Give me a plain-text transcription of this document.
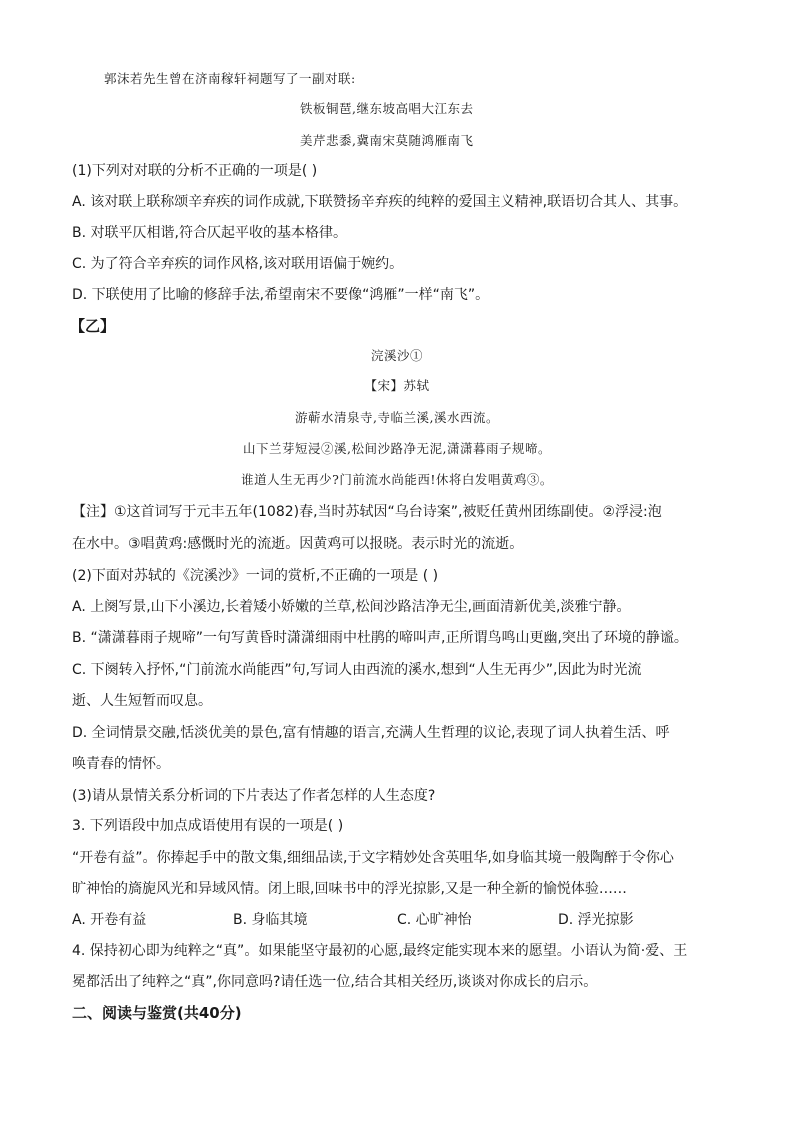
郭沫若先生曾在济南稼轩祠题写了一副对联:
铁板铜琶,继东坡高唱大江东去
美芹悲黍,冀南宋莫随鸿雁南飞
(1)下列对对联的分析不正确的一项是( )
A. 该对联上联称颂辛弃疾的词作成就,下联赞扬辛弃疾的纯粹的爱国主义精神,联语切合其人、其事。
B. 对联平仄相谐,符合仄起平收的基本格律。
C. 为了符合辛弃疾的词作风格,该对联用语偏于婉约。
D. 下联使用了比喻的修辞手法,希望南宋不要像“鸿雁”一样“南飞”。
【乙】
浣溪沙①
【宋】苏轼
游蕲水清泉寺,寺临兰溪,溪水西流。
山下兰芽短浸②溪,松间沙路净无泥,潇潇暮雨子规啼。
谁道人生无再少?门前流水尚能西!休将白发唱黄鸡③。
【注】①这首词写于元丰五年(1082)春,当时苏轼因“乌台诗案”,被贬任黄州团练副使。②浮浸:泡
在水中。③唱黄鸡:感慨时光的流逝。因黄鸡可以报晓。表示时光的流逝。
(2)下面对苏轼的《浣溪沙》一词的赏析,不正确的一项是 ( )
A. 上阕写景,山下小溪边,长着矮小娇嫩的兰草,松间沙路洁净无尘,画面清新优美,淡雅宁静。
B. “潇潇暮雨子规啼”一句写黄昏时潇潇细雨中杜鹃的啼叫声,正所谓鸟鸣山更幽,突出了环境的静谧。
C. 下阕转入抒怀,“门前流水尚能西”句,写词人由西流的溪水,想到“人生无再少”,因此为时光流
逝、人生短暂而叹息。
D. 全词情景交融,恬淡优美的景色,富有情趣的语言,充满人生哲理的议论,表现了词人执着生活、呼
唤青春的情怀。
(3)请从景情关系分析词的下片表达了作者怎样的人生态度?
3. 下列语段中加点成语使用有误的一项是( )
“开卷有益”。你捧起手中的散文集,细细品读,于文字精妙处含英咀华,如身临其境一般陶醉于令你心
旷神怡的旖旎风光和异域风情。闭上眼,回味书中的浮光掠影,又是一种全新的愉悦体验……
A. 开卷有益	B. 身临其境	C. 心旷神怡	D. 浮光掠影
4. 保持初心即为纯粹之“真”。如果能坚守最初的心愿,最终定能实现本来的愿望。小语认为简·爱、王
冕都活出了纯粹之“真”,你同意吗?请任选一位,结合其相关经历,谈谈对你成长的启示。
二、阅读与鉴赏(共40分)
